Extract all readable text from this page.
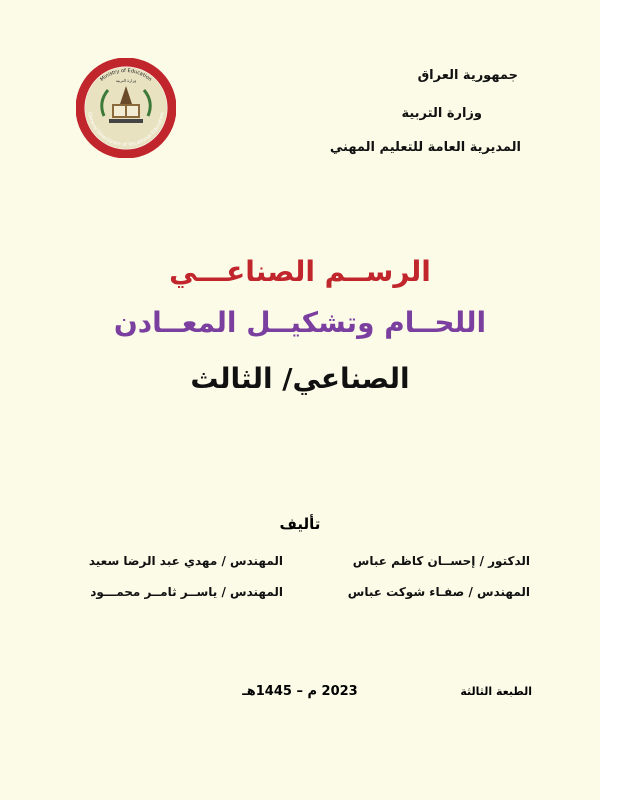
جمهورية العراق
وزارة التربية
المديرية العامة للتعليم المهني
General Directorate of Vocational Education
Ministry of Education
وزارة التربية
الرســم الصناعـــي
اللحــام وتشكيــل المعــادن
الصناعي/ الثالث
تأليف
الدكتور / إحســان كاظم عباس
المهندس / مهدي عبد الرضا سعيد
المهندس / صفـاء شوكت عباس
المهندس / ياســر ثامــر محمـــود
الطبعة الثالثة
2023 م – 1445هـ
